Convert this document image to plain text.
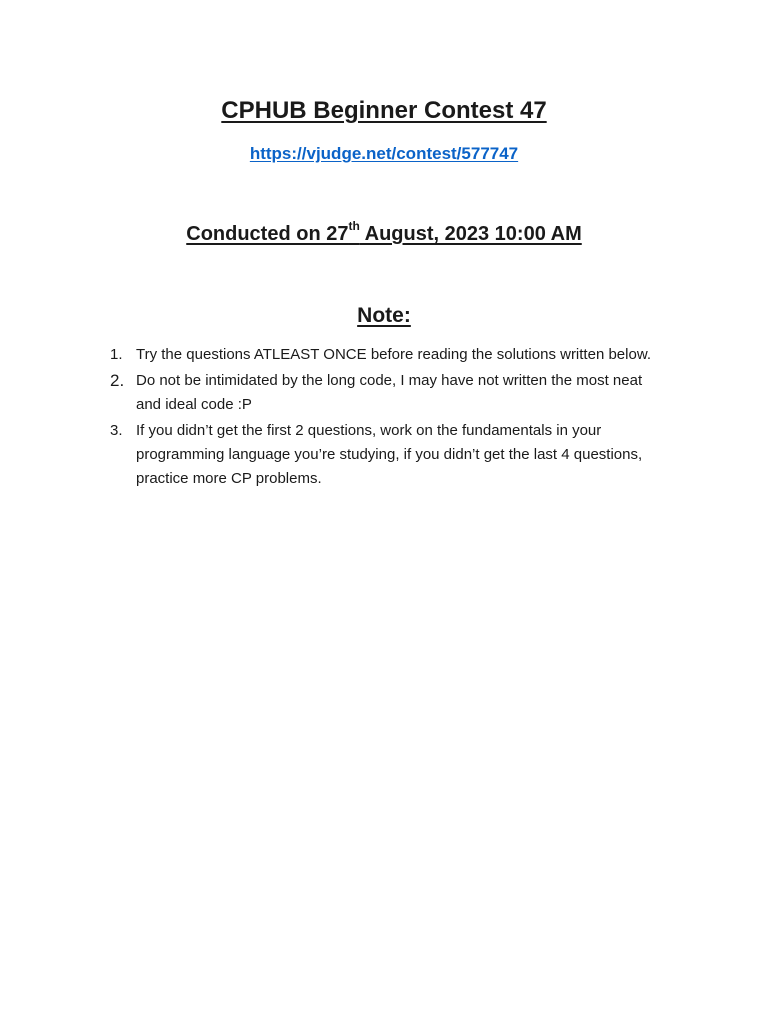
CPHUB Beginner Contest 47
https://vjudge.net/contest/577747
Conducted on 27th August, 2023 10:00 AM
Note:
1. Try the questions ATLEAST ONCE before reading the solutions written below.
2. Do not be intimidated by the long code, I may have not written the most neat and ideal code :P
3. If you didn’t get the first 2 questions, work on the fundamentals in your programming language you’re studying, if you didn’t get the last 4 questions, practice more CP problems.
